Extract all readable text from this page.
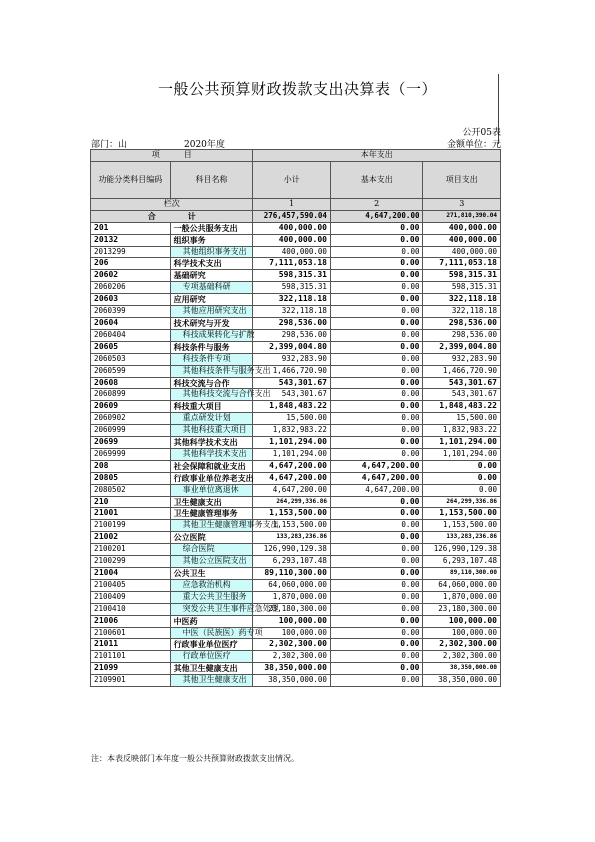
一般公共预算财政拨款支出决算表（一）
公开05表
部门：山	2020年度	金额单位：元
项　　　目		本年支出		
功能分类科目编码	科目名称	小计	基本支出	项目支出
栏次		1	2	3
合　　　　计		276,457,590.04	4,647,200.00	271,810,390.04
201	一般公共服务支出	400,000.00	0.00	400,000.00
20132	组织事务	400,000.00	0.00	400,000.00
2013299	其他组织事务支出	400,000.00	0.00	400,000.00
206	科学技术支出	7,111,053.18	0.00	7,111,053.18
20602	基础研究	598,315.31	0.00	598,315.31
2060206	专项基础科研	598,315.31	0.00	598,315.31
20603	应用研究	322,118.18	0.00	322,118.18
2060399	其他应用研究支出	322,118.18	0.00	322,118.18
20604	技术研究与开发	298,536.00	0.00	298,536.00
2060404	科技成果转化与扩散	298,536.00	0.00	298,536.00
20605	科技条件与服务	2,399,004.80	0.00	2,399,004.80
2060503	科技条件专项	932,283.90	0.00	932,283.90
2060599	其他科技条件与服务支出	1,466,720.90	0.00	1,466,720.90
20608	科技交流与合作	543,301.67	0.00	543,301.67
2060899	其他科技交流与合作支出	543,301.67	0.00	543,301.67
20609	科技重大项目	1,848,483.22	0.00	1,848,483.22
2060902	重点研发计划	15,500.00	0.00	15,500.00
2060999	其他科技重大项目	1,832,983.22	0.00	1,832,983.22
20699	其他科学技术支出	1,101,294.00	0.00	1,101,294.00
2069999	其他科学技术支出	1,101,294.00	0.00	1,101,294.00
208	社会保障和就业支出	4,647,200.00	4,647,200.00	0.00
20805	行政事业单位养老支出	4,647,200.00	4,647,200.00	0.00
2080502	事业单位离退休	4,647,200.00	4,647,200.00	0.00
210	卫生健康支出	264,299,336.86	0.00	264,299,336.86
21001	卫生健康管理事务	1,153,500.00	0.00	1,153,500.00
2100199	其他卫生健康管理事务支出	1,153,500.00	0.00	1,153,500.00
21002	公立医院	133,283,236.86	0.00	133,283,236.86
2100201	综合医院	126,990,129.38	0.00	126,990,129.38
2100299	其他公立医院支出	6,293,107.48	0.00	6,293,107.48
21004	公共卫生	89,110,300.00	0.00	89,110,300.00
2100405	应急救治机构	64,060,000.00	0.00	64,060,000.00
2100409	重大公共卫生服务	1,870,000.00	0.00	1,870,000.00
2100410	突发公共卫生事件应急处理	23,180,300.00	0.00	23,180,300.00
21006	中医药	100,000.00	0.00	100,000.00
2100601	中医（民族医）药专项	100,000.00	0.00	100,000.00
21011	行政事业单位医疗	2,302,300.00	0.00	2,302,300.00
2101101	行政单位医疗	2,302,300.00	0.00	2,302,300.00
21099	其他卫生健康支出	38,350,000.00	0.00	38,350,000.00
2109901	其他卫生健康支出	38,350,000.00	0.00	38,350,000.00
注：本表反映部门本年度一般公共预算财政拨款支出情况。
